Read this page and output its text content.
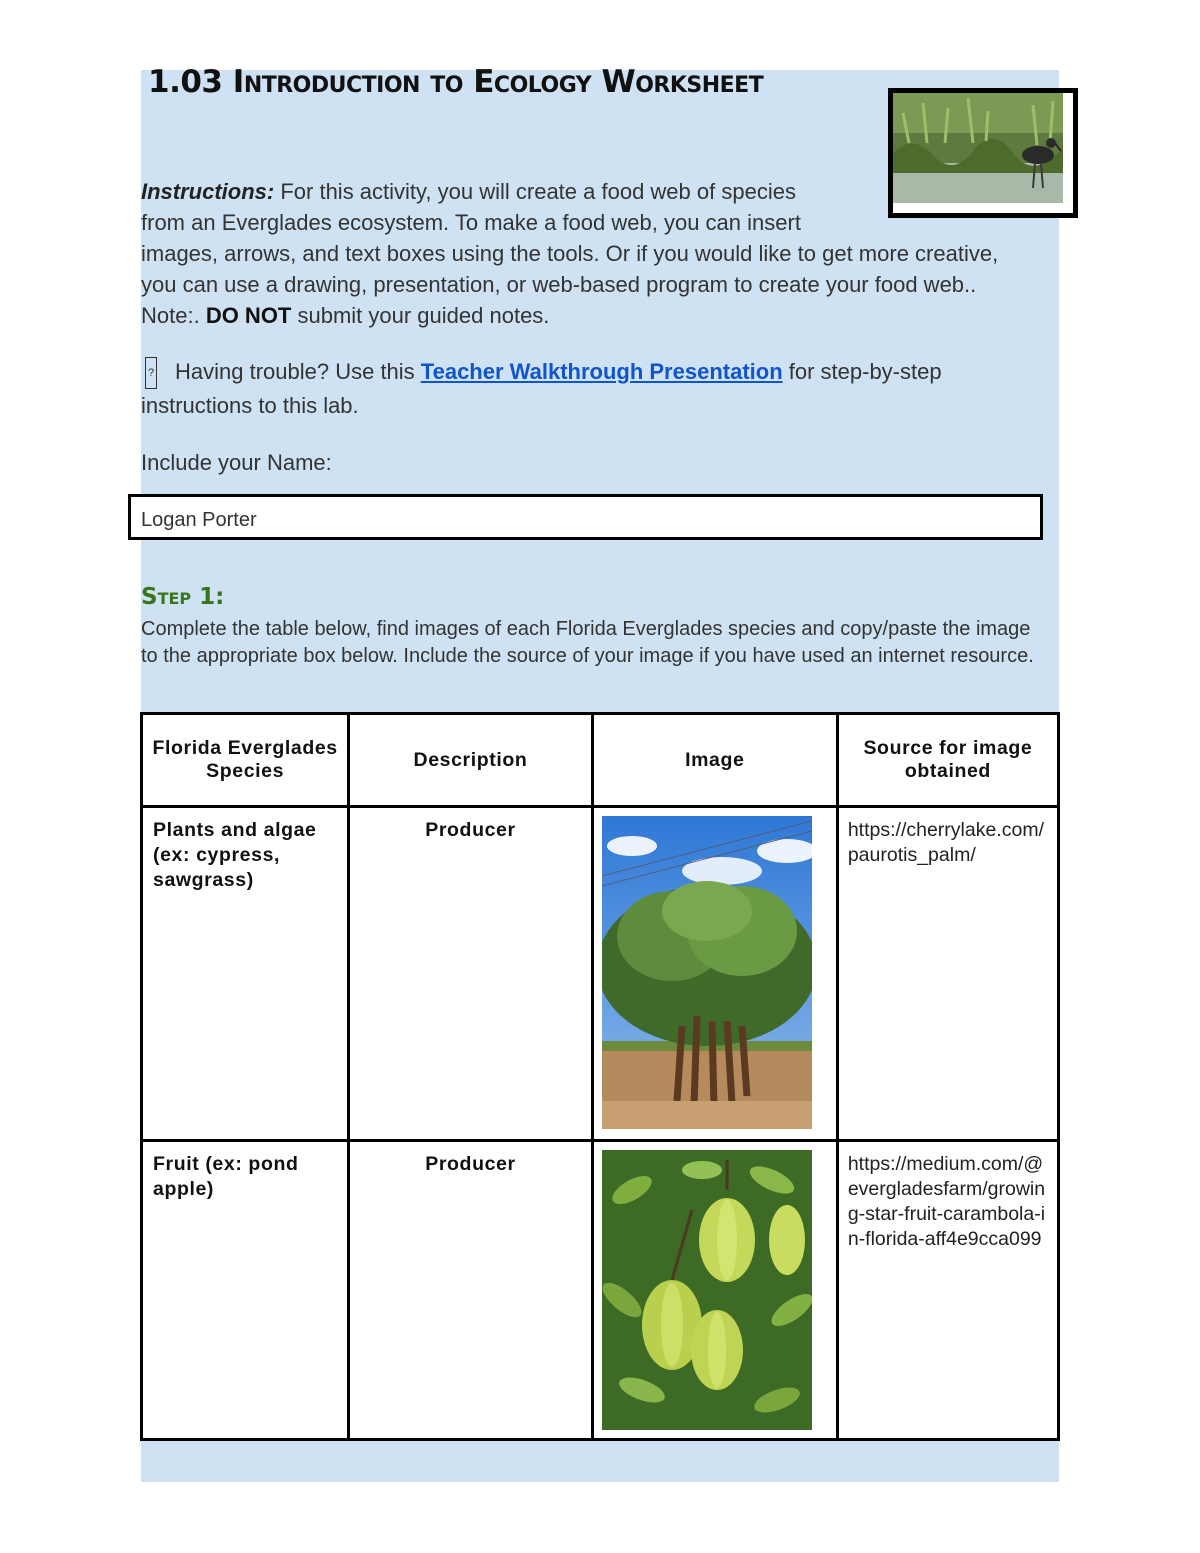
1.03 Introduction to Ecology Worksheet
Instructions: For this activity, you will create a food web of species
from an Everglades ecosystem. To make a food web, you can insert

images, arrows, and text boxes using the tools. Or if you would like to get more creative,

you can use a drawing, presentation, or web-based program to create your food web..

Note:. DO NOT submit your guided notes.

? Having trouble? Use this Teacher Walkthrough Presentation for step-by-step
instructions to this lab.
Include your Name:
Logan Porter
Step 1:
Complete the table below, find images of each Florida Everglades species and copy/paste the image to the appropriate box below. Include the source of your image if you have used an internet resource.
Florida Everglades Species	Description	Image	Source for image obtained
Plants and algae (ex: cypress, sawgrass)	Producer		https://cherrylake.com/paurotis_palm/
Fruit (ex: pond apple)	Producer		https://medium.com/@evergladesfarm/growing-star-fruit-carambola-in-florida-aff4e9cca099
